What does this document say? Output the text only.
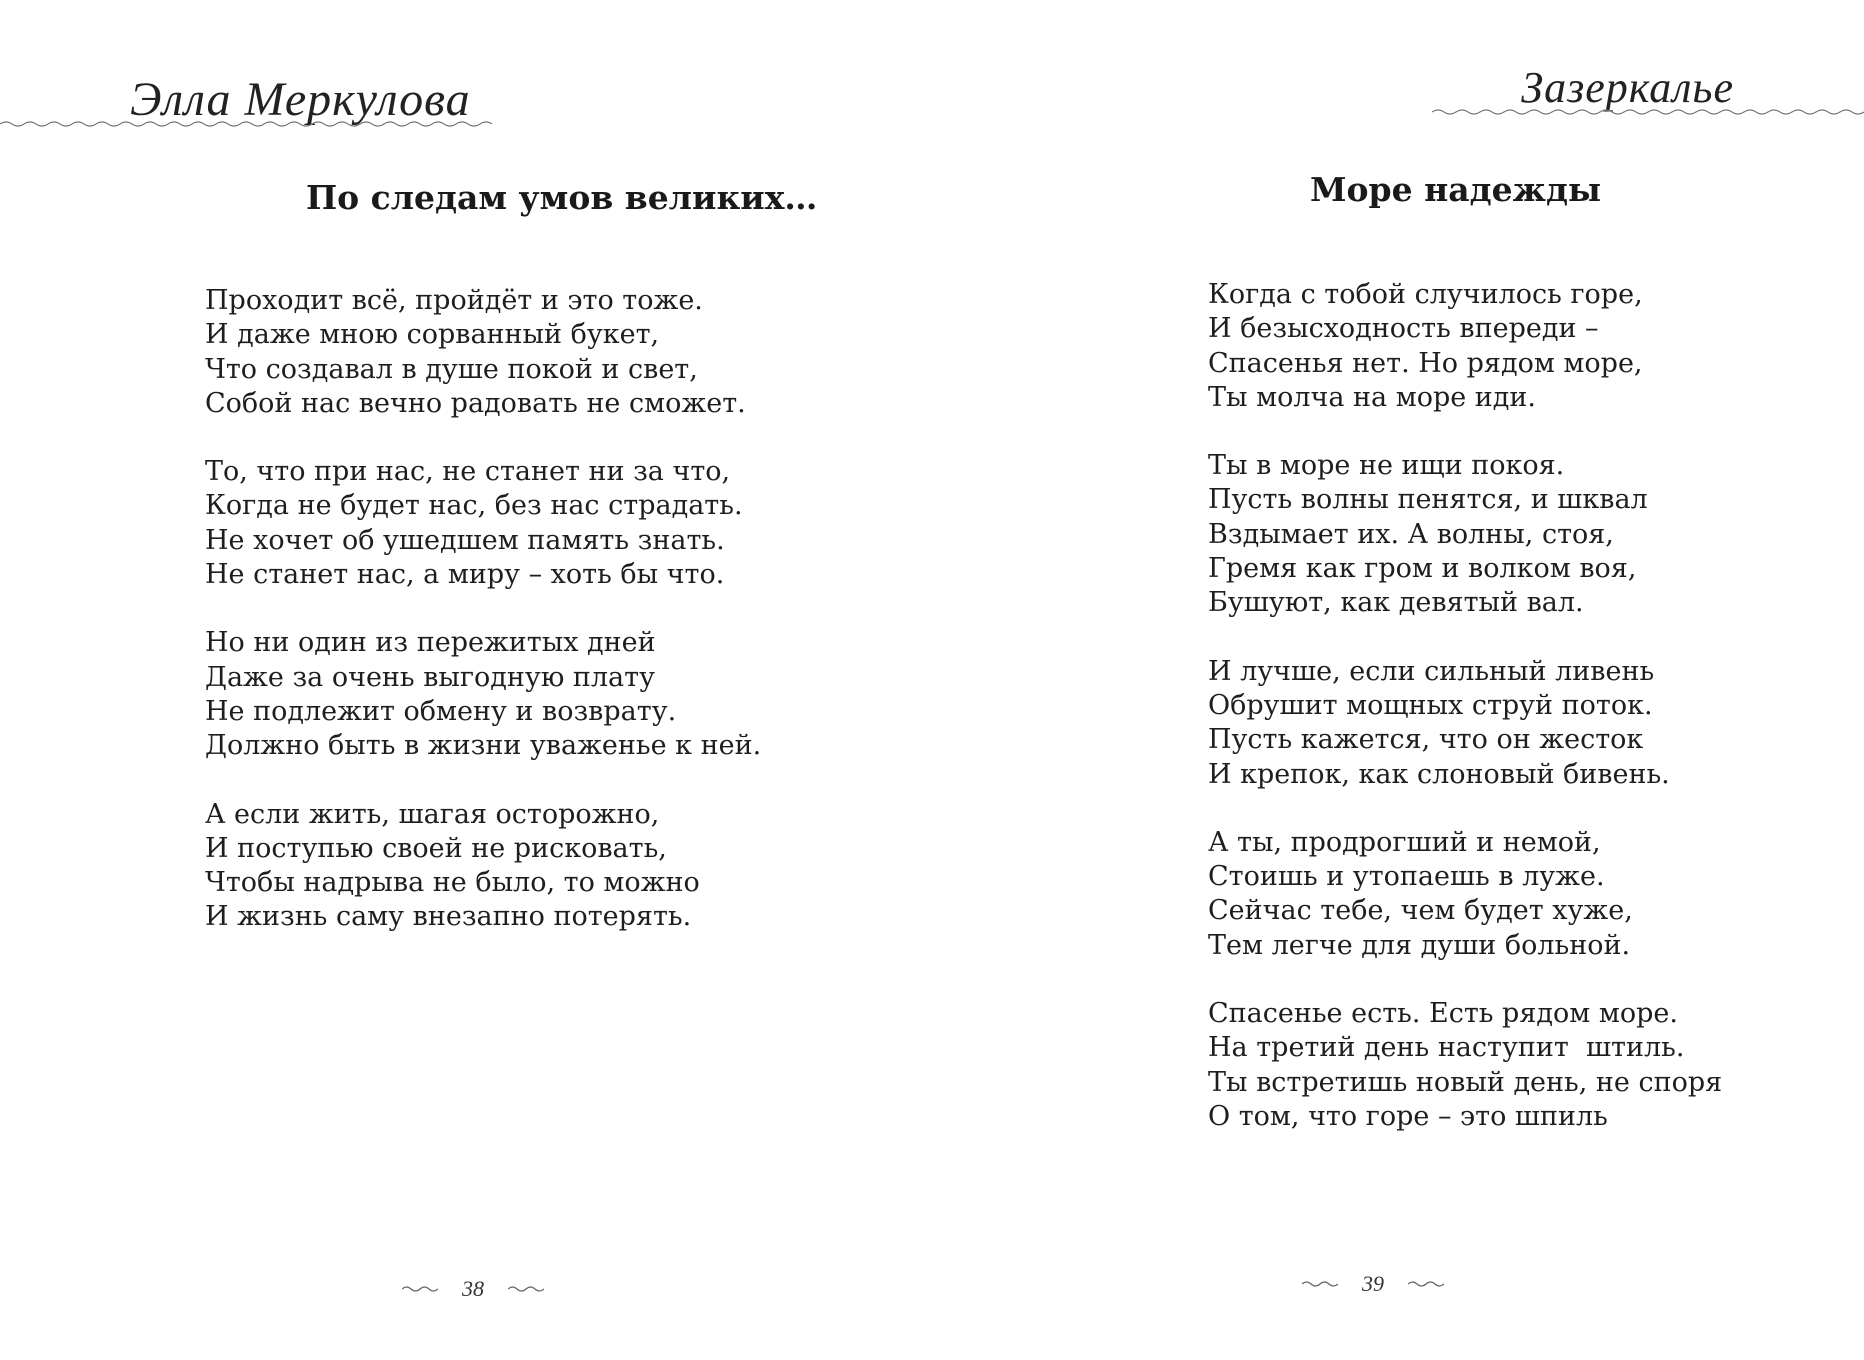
Элла Меркулова
По следам умов великих…
Проходит всё, пройдёт и это тоже.
И даже мною сорванный букет,
Что создавал в душе покой и свет,
Собой нас вечно радовать не сможет.
То, что при нас, не станет ни за что,
Когда не будет нас, без нас страдать.
Не хочет об ушедшем память знать.
Не станет нас, а миру – хоть бы что.
Но ни один из пережитых дней
Даже за очень выгодную плату
Не подлежит обмену и возврату.
Должно быть в жизни уваженье к ней.
А если жить, шагая осторожно,
И поступью своей не рисковать,
Чтобы надрыва не было, то можно
И жизнь саму внезапно потерять.
38
Зазеркалье
Море надежды
Когда с тобой случилось горе,
И безысходность впереди –
Спасенья нет. Но рядом море,
Ты молча на море иди.
Ты в море не ищи покоя.
Пусть волны пенятся, и шквал
Вздымает их. А волны, стоя,
Гремя как гром и волком воя,
Бушуют, как девятый вал.
И лучше, если сильный ливень
Обрушит мощных струй поток.
Пусть кажется, что он жесток
И крепок, как слоновый бивень.
А ты, продрогший и немой,
Стоишь и утопаешь в луже.
Сейчас тебе, чем будет хуже,
Тем легче для души больной.
Спасенье есть. Есть рядом море.
На третий день наступит  штиль.
Ты встретишь новый день, не споря
О том, что горе – это шпиль
39
